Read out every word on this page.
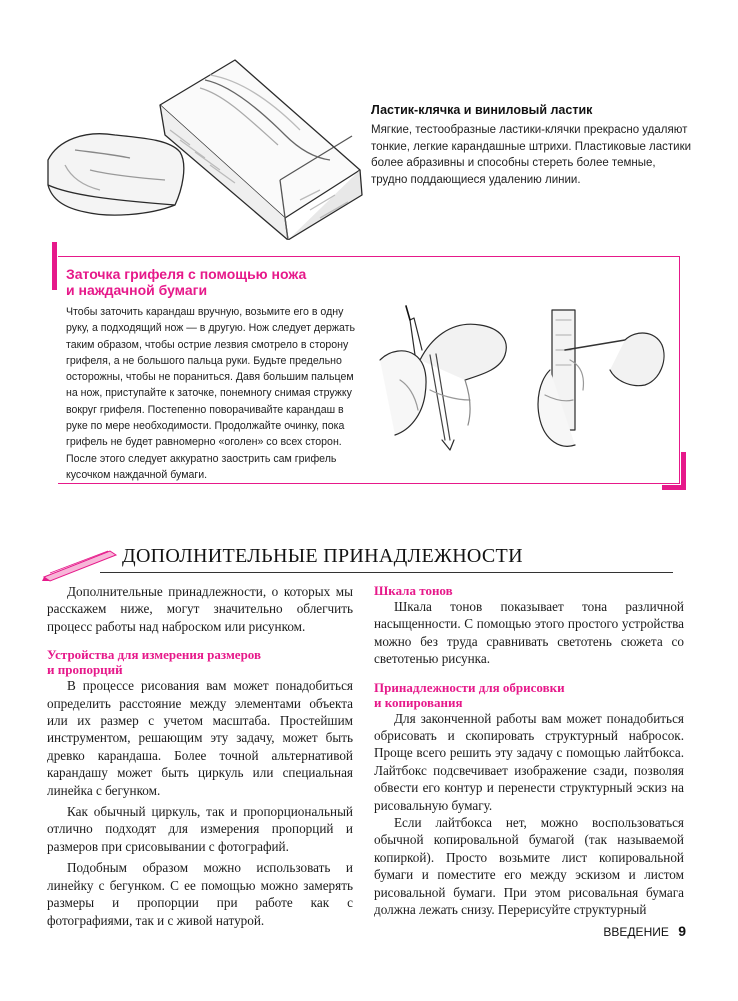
Ластик-клячка и виниловый ластик

Мягкие, тестообразные ластики-клячки прекрасно удаляют тонкие, легкие карандашные штрихи. Пластиковые ластики более абразивны и способны стереть более темные, трудно поддающиеся удалению линии.

Заточка грифеля с помощью ножа
и наждачной бумаги

Чтобы заточить карандаш вручную, возьмите его в одну руку, а подходящий нож — в другую. Нож следует держать таким образом, чтобы острие лезвия смотрело в сторону грифеля, а не большого пальца руки. Будьте предельно осторожны, чтобы не пораниться. Давя большим пальцем на нож, приступайте к заточке, понемногу снимая стружку вокруг грифеля. Постепенно поворачивайте карандаш в руке по мере необходимости. Продолжайте очинку, пока грифель не будет равномерно «оголен» со всех сторон. После этого следует аккуратно заострить сам грифель кусочком наждачной бумаги.

ДОПОЛНИТЕЛЬНЫЕ ПРИНАДЛЕЖНОСТИ

Дополнительные принадлежности, о которых мы расскажем ниже, могут значительно облегчить процесс работы над наброском или рисунком.

Устройства для измерения размеров
и пропорций

В процессе рисования вам может понадобиться определить расстояние между элементами объекта или их размер с учетом масштаба. Простейшим инструментом, решающим эту задачу, может быть древко карандаша. Более точной альтернативой карандашу может быть циркуль или специальная линейка с бегунком.

Как обычный циркуль, так и пропорциональный отлично подходят для измерения пропорций и размеров при срисовывании с фотографий.

Подобным образом можно использовать и линейку с бегунком. С ее помощью можно замерять размеры и пропорции при работе как с фотографиями, так и с живой натурой.

Шкала тонов

Шкала тонов показывает тона различной насыщенности. С помощью этого простого устройства можно без труда сравнивать светотень сюжета со светотенью рисунка.

Принадлежности для обрисовки
и копирования

Для законченной работы вам может понадобиться обрисовать и скопировать структурный набросок. Проще всего решить эту задачу с помощью лайтбокса. Лайтбокс подсвечивает изображение сзади, позволяя обвести его контур и перенести структурный эскиз на рисовальную бумагу.

Если лайтбокса нет, можно воспользоваться обычной копировальной бумагой (так называемой копиркой). Просто возьмите лист копировальной бумаги и поместите его между эскизом и листом рисовальной бумаги. При этом рисовальная бумага должна лежать снизу. Перерисуйте структурный

ВВЕДЕНИЕ 9
